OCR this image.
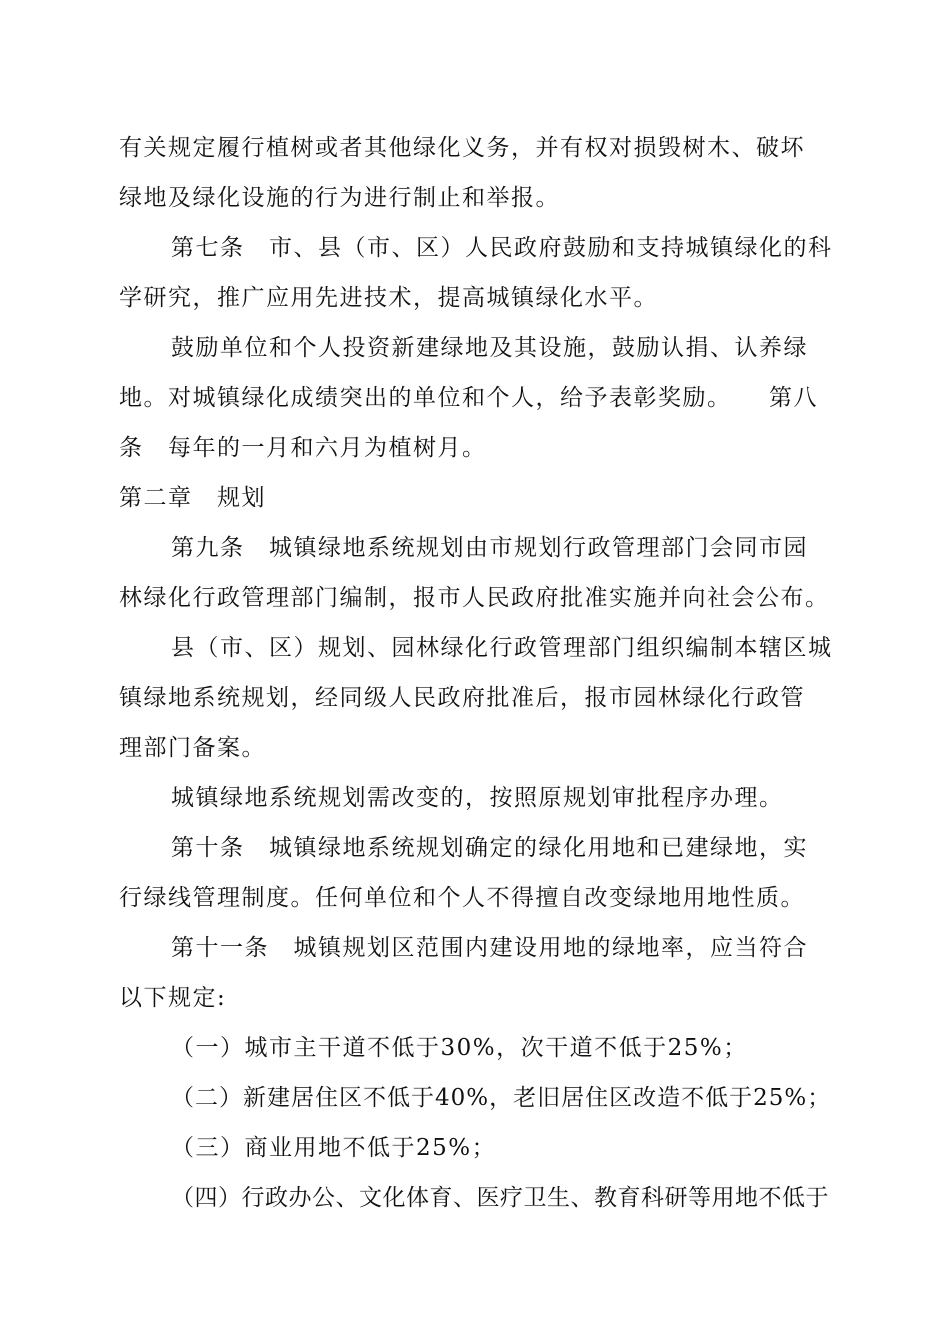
有关规定履行植树或者其他绿化义务，并有权对损毁树木、破坏
绿地及绿化设施的行为进行制止和举报。
第七条　市、县（市、区）人民政府鼓励和支持城镇绿化的科
学研究，推广应用先进技术，提高城镇绿化水平。
鼓励单位和个人投资新建绿地及其设施，鼓励认捐、认养绿
地。对城镇绿化成绩突出的单位和个人，给予表彰奖励。　　第八
条　每年的一月和六月为植树月。
第二章　规划
第九条　城镇绿地系统规划由市规划行政管理部门会同市园
林绿化行政管理部门编制，报市人民政府批准实施并向社会公布。
县（市、区）规划、园林绿化行政管理部门组织编制本辖区城
镇绿地系统规划，经同级人民政府批准后，报市园林绿化行政管
理部门备案。
城镇绿地系统规划需改变的，按照原规划审批程序办理。
第十条　城镇绿地系统规划确定的绿化用地和已建绿地，实
行绿线管理制度。任何单位和个人不得擅自改变绿地用地性质。
第十一条　城镇规划区范围内建设用地的绿地率，应当符合
以下规定:
（一）城市主干道不低于30%，次干道不低于25%；
（二）新建居住区不低于40%，老旧居住区改造不低于25%；
（三）商业用地不低于25%；
（四）行政办公、文化体育、医疗卫生、教育科研等用地不低于
